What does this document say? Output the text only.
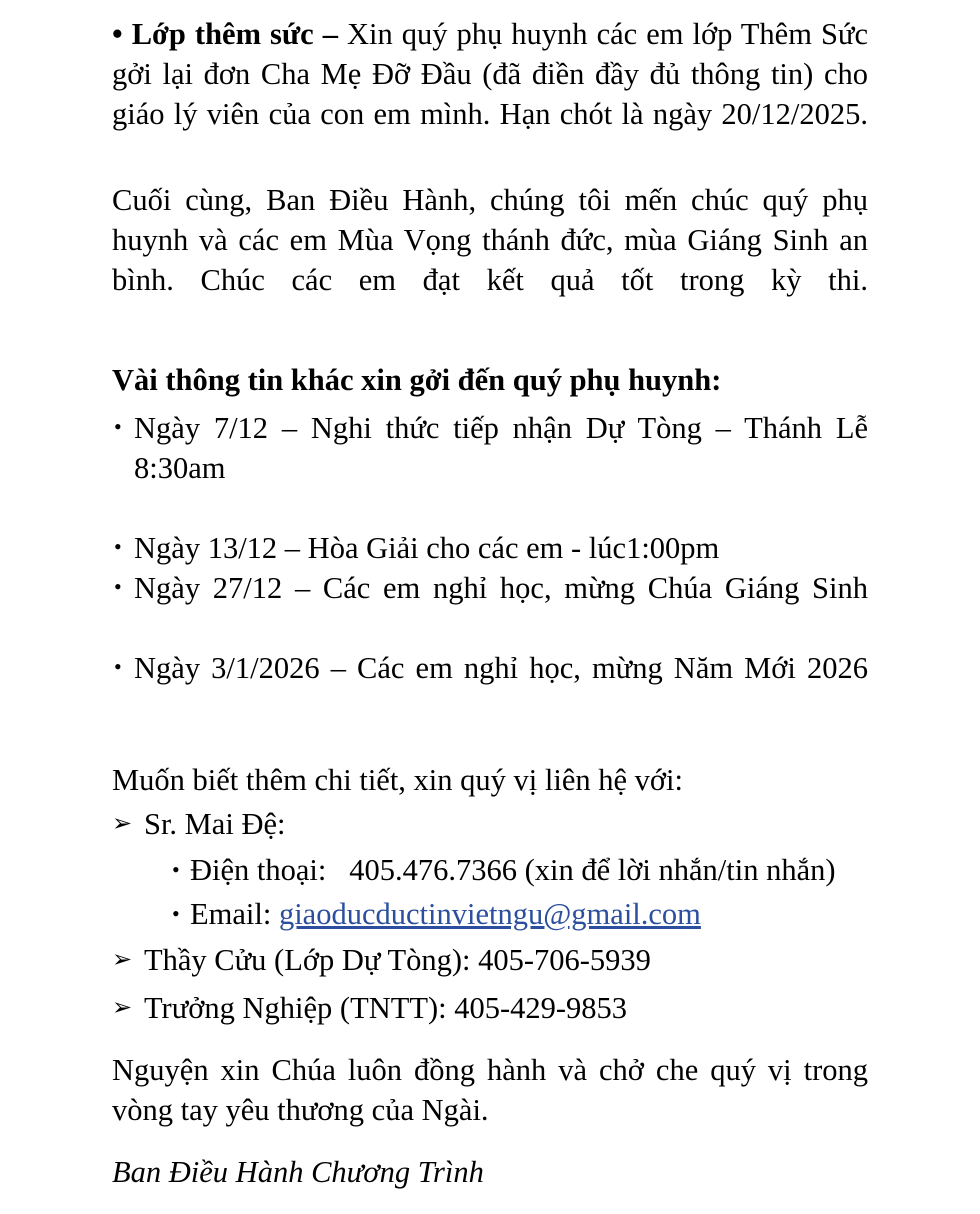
• Lớp thêm sức – Xin quý phụ huynh các em lớp Thêm Sức gởi lại đơn Cha Mẹ Đỡ Đầu (đã điền đầy đủ thông tin) cho giáo lý viên của con em mình. Hạn chót là ngày 20/12/2025.

Cuối cùng, Ban Điều Hành, chúng tôi mến chúc quý phụ huynh và các em Mùa Vọng thánh đức, mùa Giáng Sinh an bình. Chúc các em đạt kết quả tốt trong kỳ thi.

Vài thông tin khác xin gởi đến quý phụ huynh:

• Ngày 7/12 – Nghi thức tiếp nhận Dự Tòng – Thánh Lễ 8:30am
• Ngày 13/12 – Hòa Giải cho các em - lúc1:00pm
• Ngày 27/12 – Các em nghỉ học, mừng Chúa Giáng Sinh
• Ngày 3/1/2026 – Các em nghỉ học, mừng Năm Mới 2026

Muốn biết thêm chi tiết, xin quý vị liên hệ với:

➢ Sr. Mai Đệ:
• Điện thoại: 405.476.7366 (xin để lời nhắn/tin nhắn)
• Email: giaoducductinvietngu@gmail.com
➢ Thầy Cửu (Lớp Dự Tòng): 405-706-5939
➢ Trưởng Nghiệp (TNTT): 405-429-9853

Nguyện xin Chúa luôn đồng hành và chở che quý vị trong vòng tay yêu thương của Ngài.

Ban Điều Hành Chương Trình
